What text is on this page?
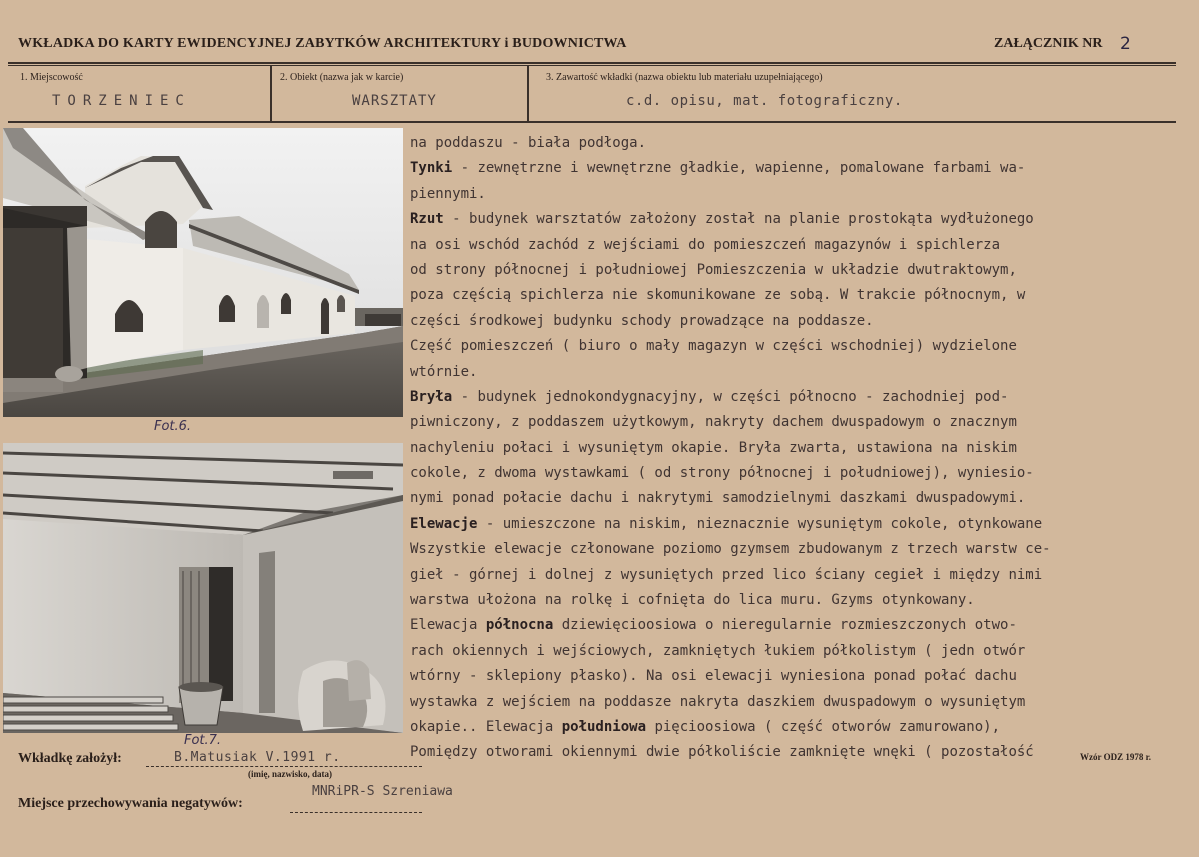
WKŁADKA DO KARTY EWIDENCYJNEJ ZABYTKÓW ARCHITEKTURY i BUDOWNICTWA	ZAŁĄCZNIK NR 2
1. Miejscowość
TORZENIEC
2. Obiekt (nazwa jak w karcie)
WARSZTATY
3. Zawartość wkładki (nazwa obiektu lub materiału uzupełniającego)
c.d. opisu, mat. fotograficzny.
Fot.6.
Fot.7.
na poddaszu - biała podłoga.
Tynki - zewnętrzne i wewnętrzne gładkie, wapienne, pomalowane farbami wa-
piennymi.
Rzut - budynek warsztatów założony został na planie prostokąta wydłużonego
na osi wschód zachód z wejściami do pomieszczeń magazynów i spichlerza
od strony północnej i południowej Pomieszczenia w układzie dwutraktowym,
poza częścią spichlerza nie skomunikowane ze sobą. W trakcie północnym, w
części środkowej budynku schody prowadzące na poddasze.
Część pomieszczeń ( biuro o mały magazyn w części wschodniej) wydzielone
wtórnie.
Bryła - budynek jednokondygnacyjny, w części północno - zachodniej pod-
piwniczony, z poddaszem użytkowym, nakryty dachem dwuspadowym o znacznym
nachyleniu połaci i wysuniętym okapie. Bryła zwarta, ustawiona na niskim
cokole, z dwoma wystawkami ( od strony północnej i południowej), wyniesio-
nymi ponad połacie dachu i nakrytymi samodzielnymi daszkami dwuspadowymi.
Elewacje - umieszczone na niskim, nieznacznie wysuniętym cokole, otynkowane
Wszystkie elewacje członowane poziomo gzymsem zbudowanym z trzech warstw ce-
gieł - górnej i dolnej z wysuniętych przed lico ściany cegieł i między nimi
warstwa ułożona na rolkę i cofnięta do lica muru. Gzyms otynkowany.
Elewacja północna dziewięcioosiowa o nieregularnie rozmieszczonych otwo-
rach okiennych i wejściowych, zamkniętych łukiem półkolistym ( jedn otwór
wtórny - sklepiony płasko). Na osi elewacji wyniesiona ponad połać dachu
wystawka z wejściem na poddasze nakryta daszkiem dwuspadowym o wysuniętym
okapie.. Elewacja południowa pięcioosiowa ( część otworów zamurowano),
Pomiędzy otworami okiennymi dwie półkoliście zamknięte wnęki ( pozostałość
Wkładkę założył:	B.Matusiak V.1991 r.
(imię, nazwisko, data)
Wzór ODZ 1978 r.
Miejsce przechowywania negatywów:
MNRiPR-S Szreniawa
